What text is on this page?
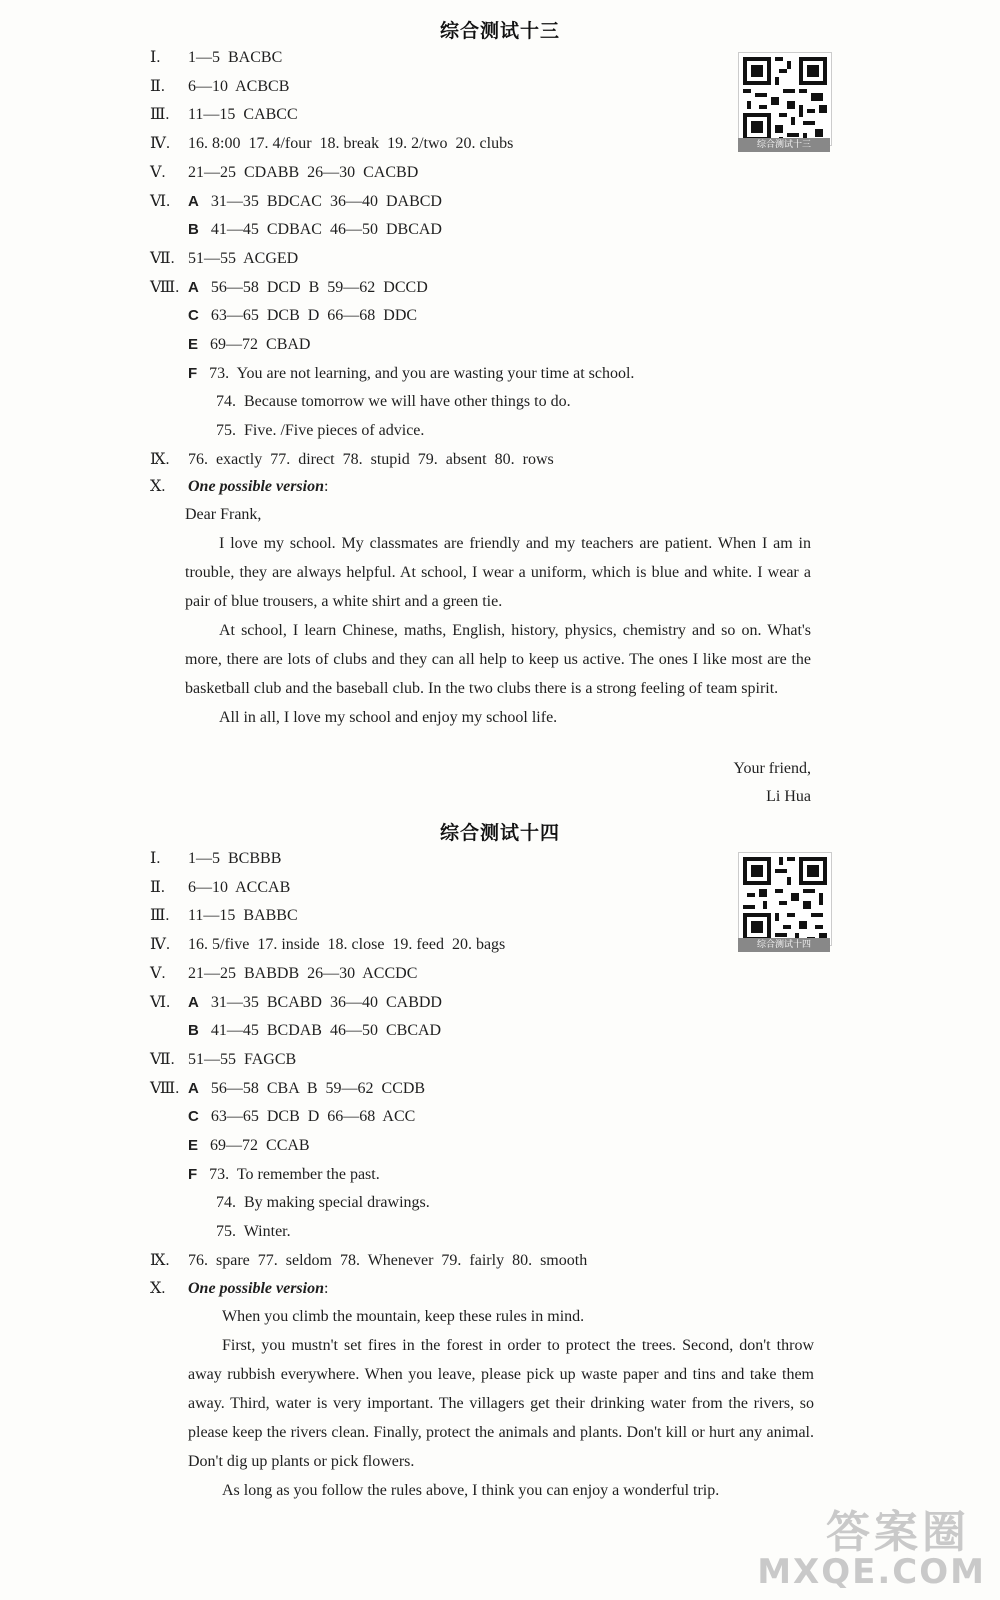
综合测试十三
综合测试十三
Ⅰ. 1—5  BACBC
Ⅱ. 6—10  ACBCB
Ⅲ. 11—15  CABCC
Ⅳ. 16. 8:00  17. 4/four  18. break  19. 2/two  20. clubs
Ⅴ. 21—25  CDABB  26—30  CACBD
Ⅵ. A 31—35  BDCAC  36—40  DABCD
B 41—45  CDBAC  46—50  DBCAD
Ⅶ. 51—55  ACGED
Ⅷ. A 56—58  DCD  B  59—62  DCCD
C 63—65  DCB  D  66—68  DDC
E 69—72  CBAD
F 73.  You are not learning, and you are wasting your time at school.
74.  Because tomorrow we will have other things to do.
75.  Five. /Five pieces of advice.
Ⅸ. 76.  exactly  77.  direct  78.  stupid  79.  absent  80.  rows
Ⅹ. One possible version:

Dear Frank,

I love my school. My classmates are friendly and my teachers are patient. When I am in trouble, they are always helpful. At school, I wear a uniform, which is blue and white. I wear a pair of blue trousers, a white shirt and a green tie.

At school, I learn Chinese, maths, English, history, physics, chemistry and so on. What's more, there are lots of clubs and they can all help to keep us active. The ones I like most are the basketball club and the baseball club. In the two clubs there is a strong feeling of team spirit.

All in all, I love my school and enjoy my school life.

Your friend,
Li Hua
综合测试十四
综合测试十四
Ⅰ. 1—5  BCBBB
Ⅱ. 6—10  ACCAB
Ⅲ. 11—15  BABBC
Ⅳ. 16. 5/five  17. inside  18. close  19. feed  20. bags
Ⅴ. 21—25  BABDB  26—30  ACCDC
Ⅵ. A 31—35  BCABD  36—40  CABDD
B 41—45  BCDAB  46—50  CBCAD
Ⅶ. 51—55  FAGCB
Ⅷ. A 56—58  CBA  B  59—62  CCDB
C 63—65  DCB  D  66—68  ACC
E 69—72  CCAB
F 73.  To remember the past.
74.  By making special drawings.
75.  Winter.
Ⅸ. 76.  spare  77.  seldom  78.  Whenever  79.  fairly  80.  smooth
Ⅹ. One possible version:

When you climb the mountain, keep these rules in mind.

First, you mustn't set fires in the forest in order to protect the trees. Second, don't throw away rubbish everywhere. When you leave, please pick up waste paper and tins and take them away. Third, water is very important. The villagers get their drinking water from the rivers, so please keep the rivers clean. Finally, protect the animals and plants. Don't kill or hurt any animal. Don't dig up plants or pick flowers.

As long as you follow the rules above, I think you can enjoy a wonderful trip.

答案圈
MXQE.COM
